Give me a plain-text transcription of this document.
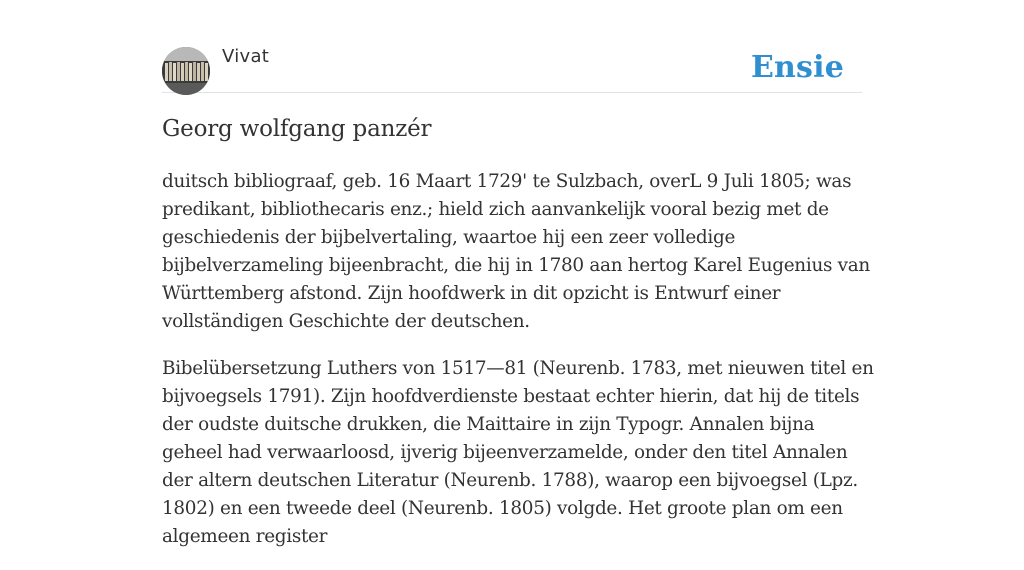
Vivat	Ensie
Georg wolfgang panzér

duitsch bibliograaf, geb. 16 Maart 1729' te Sulzbach, overL 9 Juli 1805; was predikant, bibliothecaris enz.; hield zich aanvankelijk vooral bezig met de geschiedenis der bijbelvertaling, waartoe hij een zeer volledige bijbelverzameling bijeenbracht, die hij in 1780 aan hertog Karel Eugenius van Württemberg afstond. Zijn hoofdwerk in dit opzicht is Entwurf einer vollständigen Geschichte der deutschen.

Bibelübersetzung Luthers von 1517—81 (Neurenb. 1783, met nieuwen titel en bijvoegsels 1791). Zijn hoofdverdienste bestaat echter hierin, dat hij de titels der oudste duitsche drukken, die Maittaire in zijn Typogr. Annalen bijna geheel had verwaarloosd, ijverig bijeenverzamelde, onder den titel Annalen der altern deutschen Literatur (Neurenb. 1788), waarop een bijvoegsel (Lpz. 1802) en een tweede deel (Neurenb. 1805) volgde. Het groote plan om een algemeen register
